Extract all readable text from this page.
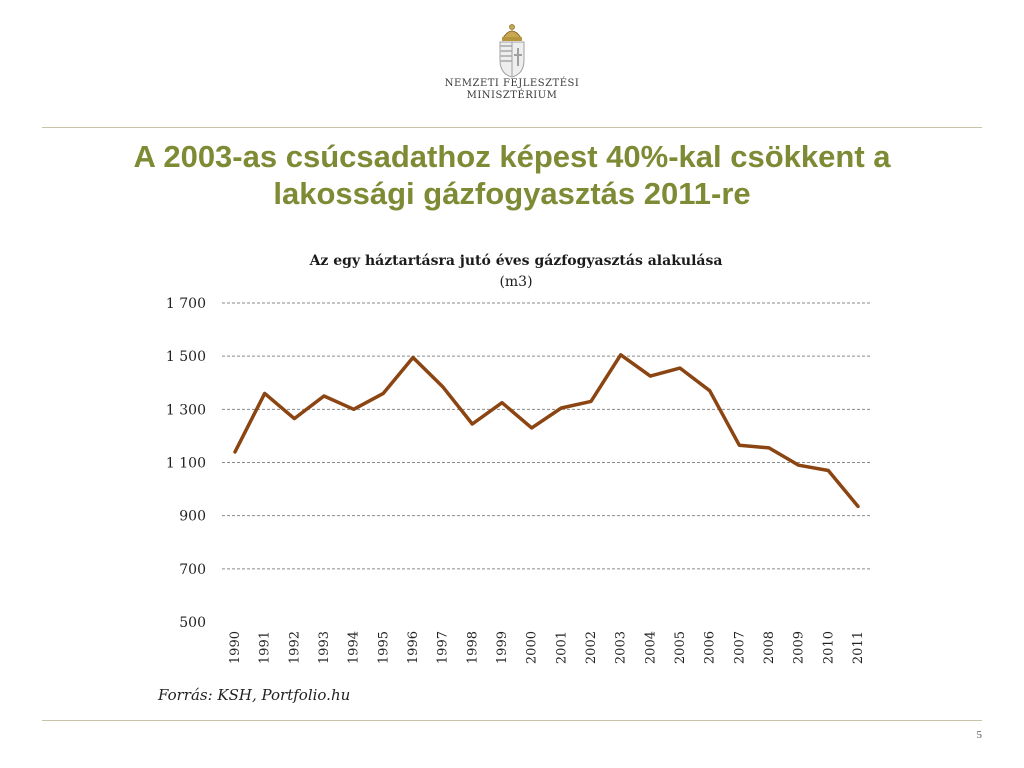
NEMZETI FEJLESZTÉSI
MINISZTÉRIUM
A 2003-as csúcsadathoz képest 40%-kal csökkent a
lakossági gázfogyasztás 2011-re
Az egy háztartásra jutó éves gázfogyasztás alakulása
(m3)
500
700
900
1 100
1 300
1 500
1 700
1990 1991 1992 1993 1994 1995 1996 1997 1998 1999 2000 2001 2002 2003 2004 2005 2006 2007 2008 2009 2010 2011
Forrás: KSH, Portfolio.hu
5
